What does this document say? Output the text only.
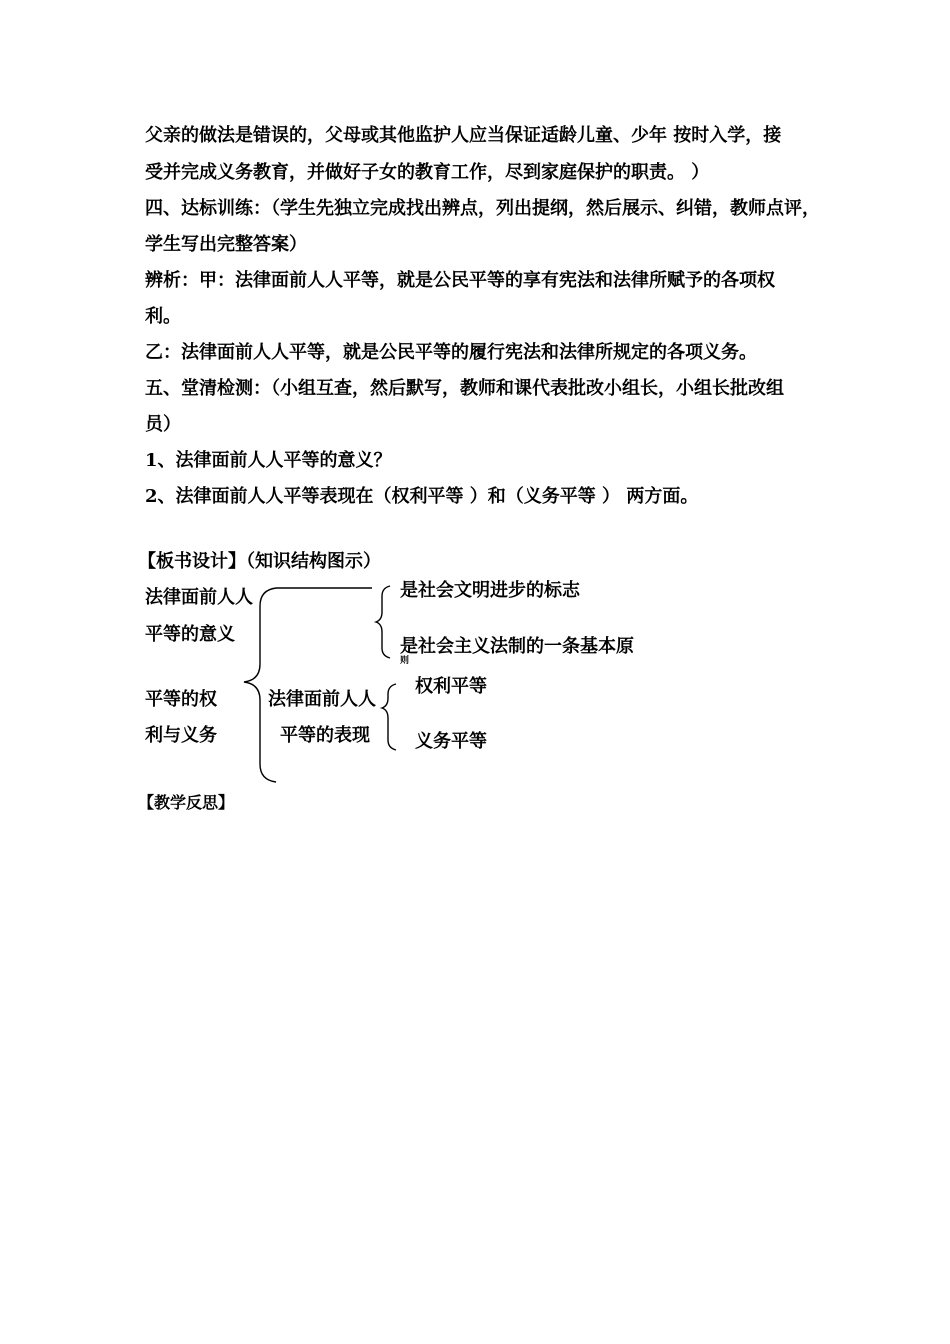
父亲的做法是错误的，父母或其他监护人应当保证适龄儿童、少年 按时入学，接
受并完成义务教育，并做好子女的教育工作，尽到家庭保护的职责。 ）
四、达标训练：（学生先独立完成找出辨点，列出提纲，然后展示、纠错，教师点评，
学生写出完整答案）
辨析：甲：法律面前人人平等，就是公民平等的享有宪法和法律所赋予的各项权
利。
乙：法律面前人人平等，就是公民平等的履行宪法和法律所规定的各项义务。
五、堂清检测：（小组互查，然后默写，教师和课代表批改小组长，小组长批改组
员）
1、法律面前人人平等的意义？
2、法律面前人人平等表现在（权利平等 ）和（义务平等 ） 两方面。
【板书设计】（知识结构图示）
法律面前人人
平等的意义
平等的权
利与义务
法律面前人人
平等的表现
是社会文明进步的标志
是社会主义法制的一条基本原
则
权利平等
义务平等
【教学反思】
